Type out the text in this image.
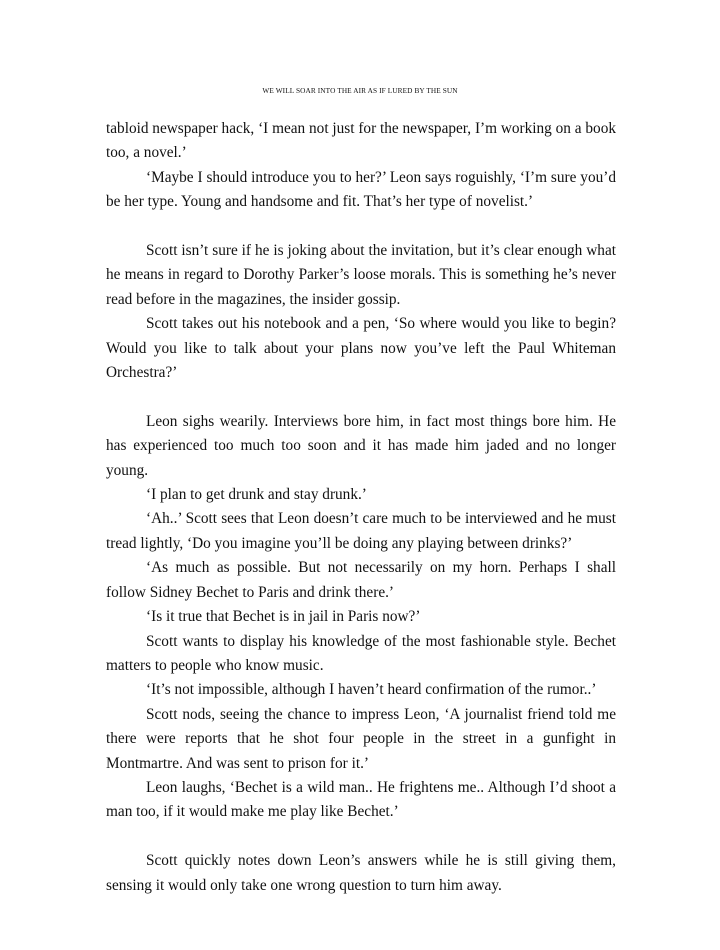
WE WILL SOAR INTO THE AIR AS IF LURED BY THE SUN

tabloid newspaper hack, ‘I mean not just for the newspaper, I’m working on a book too, a novel.’

‘Maybe I should introduce you to her?’ Leon says roguishly, ‘I’m sure you’d be her type. Young and handsome and fit. That’s her type of novelist.’

Scott isn’t sure if he is joking about the invitation, but it’s clear enough what he means in regard to Dorothy Parker’s loose morals. This is something he’s never read before in the magazines, the insider gossip.

Scott takes out his notebook and a pen, ‘So where would you like to begin? Would you like to talk about your plans now you’ve left the Paul Whiteman Orchestra?’

Leon sighs wearily. Interviews bore him, in fact most things bore him. He has experienced too much too soon and it has made him jaded and no longer young.

‘I plan to get drunk and stay drunk.’

‘Ah..’ Scott sees that Leon doesn’t care much to be interviewed and he must tread lightly, ‘Do you imagine you’ll be doing any playing between drinks?’

‘As much as possible. But not necessarily on my horn. Perhaps I shall follow Sidney Bechet to Paris and drink there.’

‘Is it true that Bechet is in jail in Paris now?’

Scott wants to display his knowledge of the most fashionable style. Bechet matters to people who know music.

‘It’s not impossible, although I haven’t heard confirmation of the rumor..’

Scott nods, seeing the chance to impress Leon, ‘A journalist friend told me there were reports that he shot four people in the street in a gunfight in Montmartre. And was sent to prison for it.’

Leon laughs, ‘Bechet is a wild man.. He frightens me.. Although I’d shoot a man too, if it would make me play like Bechet.’

Scott quickly notes down Leon’s answers while he is still giving them, sensing it would only take one wrong question to turn him away.
